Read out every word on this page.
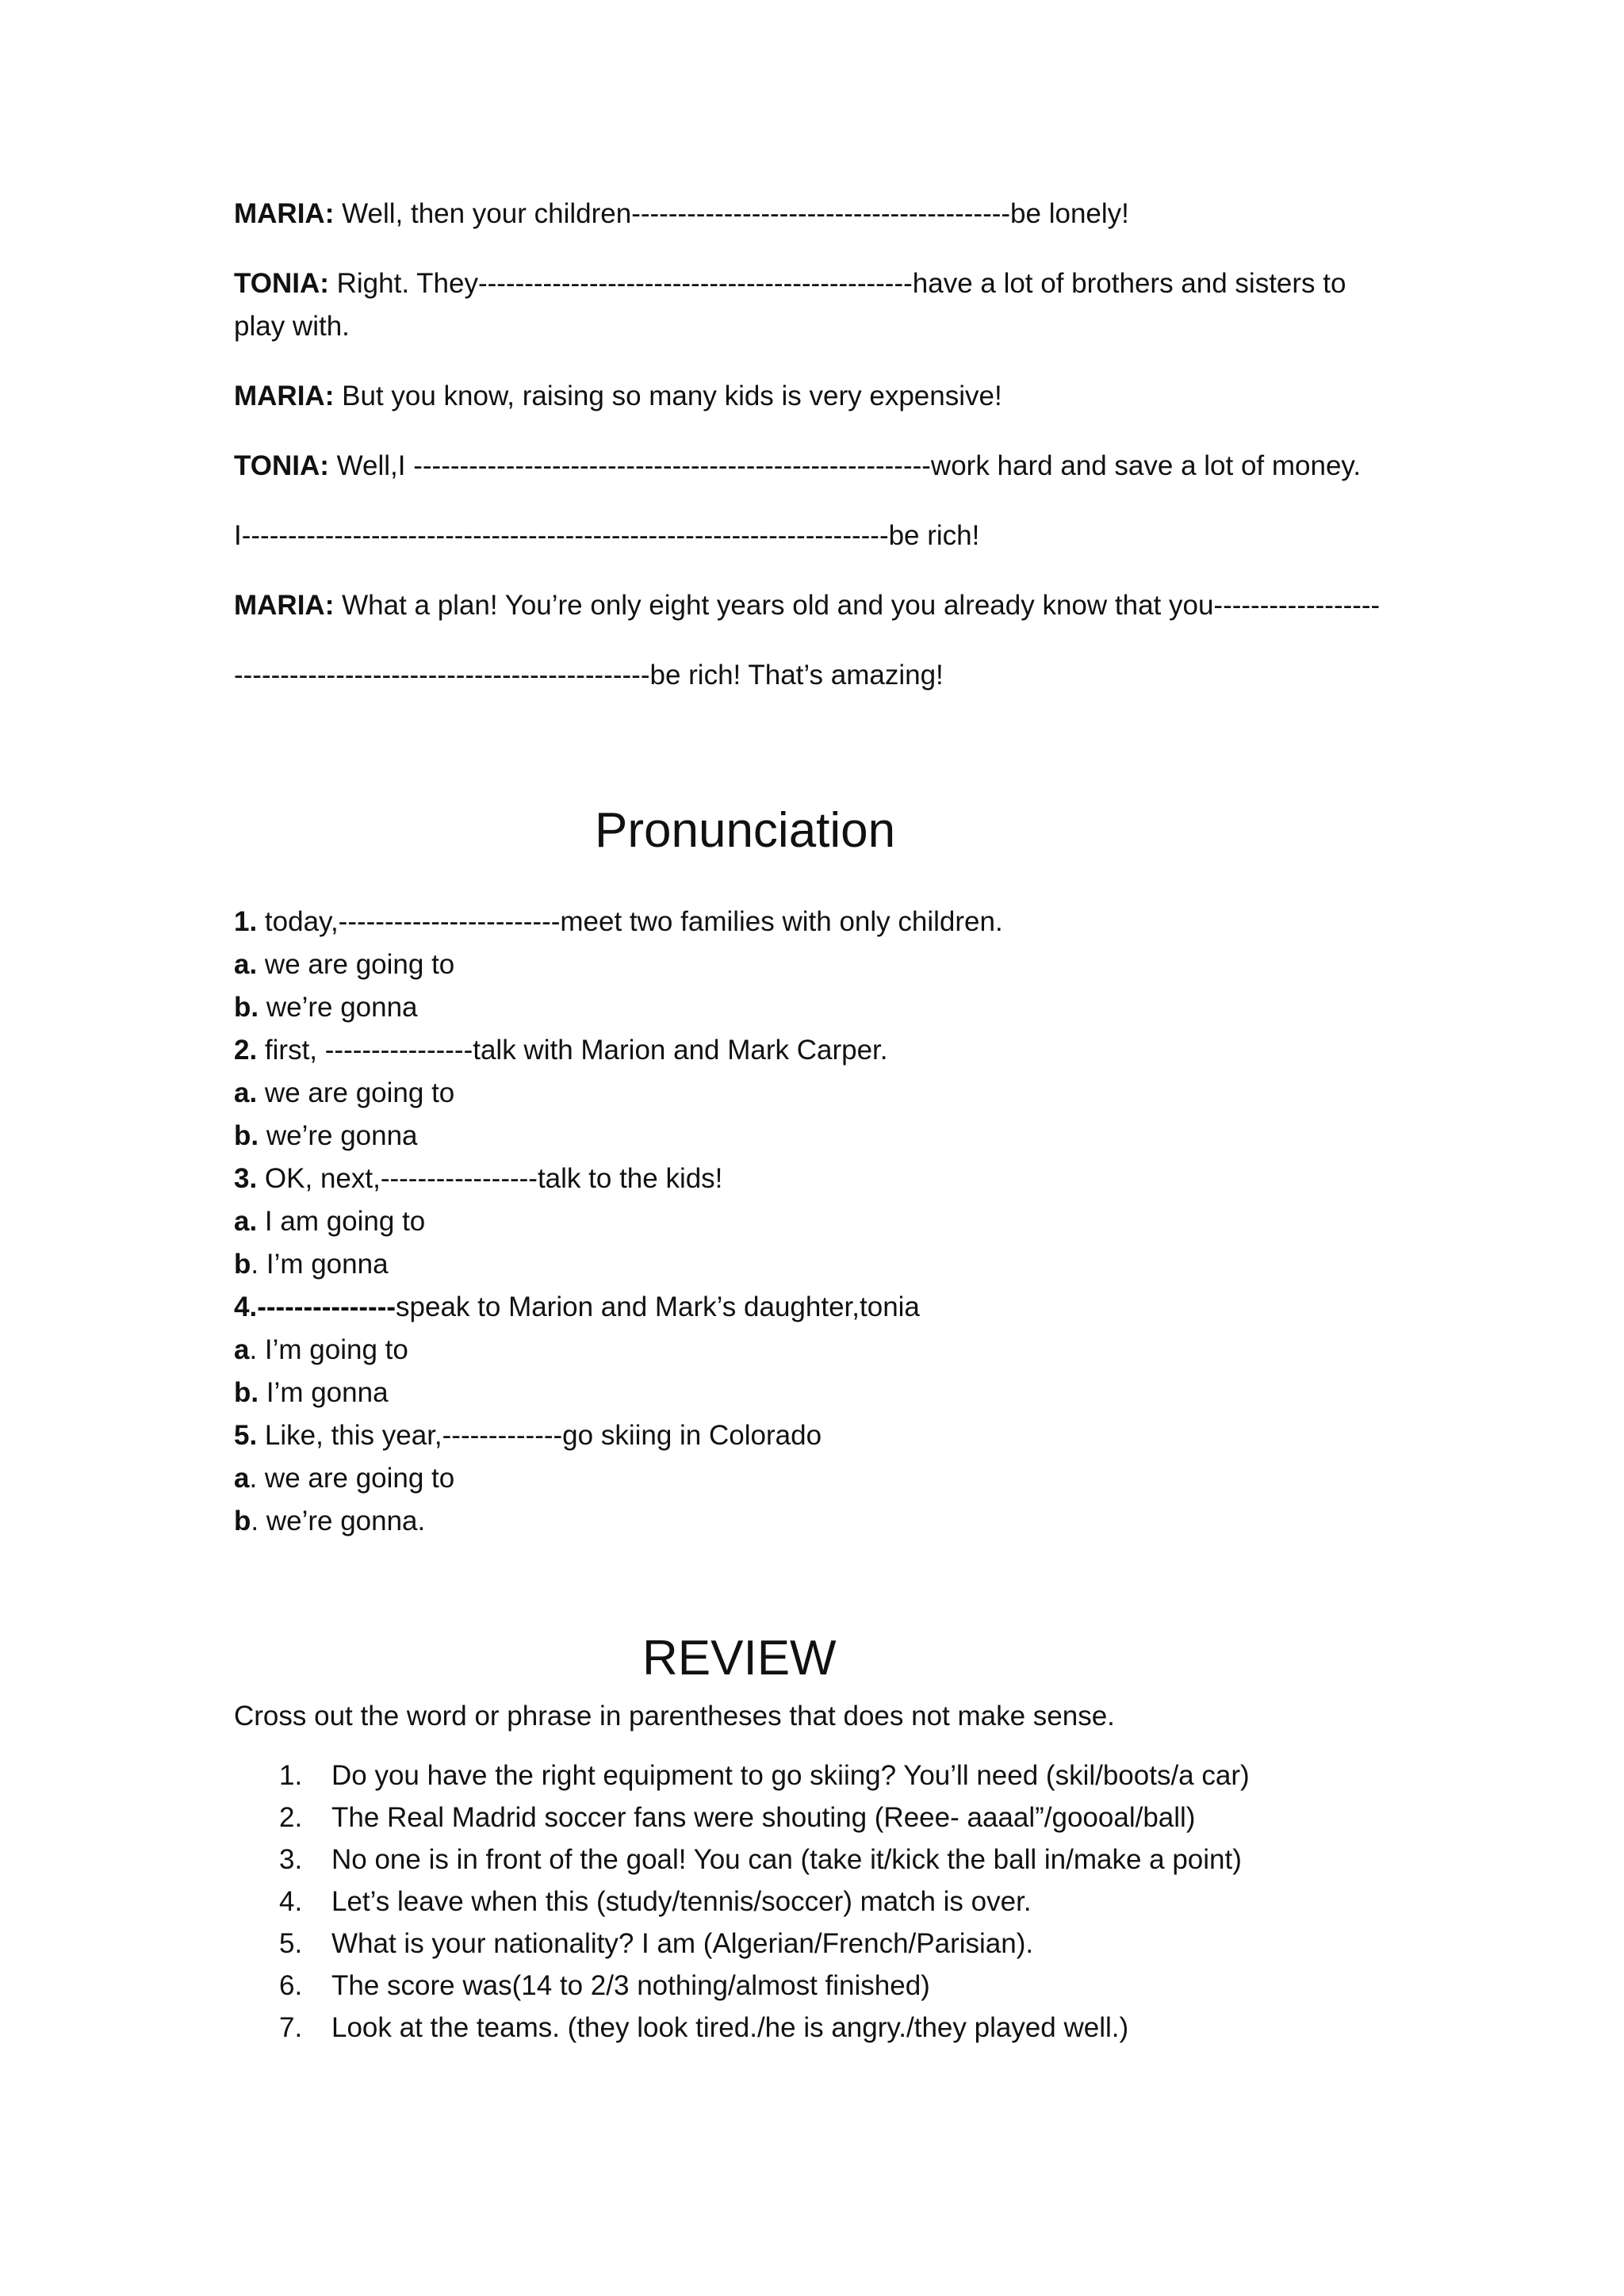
MARIA: Well, then your children-----------------------------------------be lonely!
TONIA: Right. They-----------------------------------------------have a lot of brothers and sisters to play with.
MARIA: But you know, raising so many kids is very expensive!
TONIA: Well,I --------------------------------------------------------work hard and save a lot of money.
I----------------------------------------------------------------------be rich!
MARIA: What a plan! You’re only eight years old and you already know that you------------------
---------------------------------------------be rich! That’s amazing!
Pronunciation
1. today,------------------------meet two families with only children.
a. we are going to
b. we’re gonna
2. first, ----------------talk with Marion and Mark Carper.
a. we are going to
b. we’re gonna
3. OK, next,-----------------talk to the kids!
a. I am going to
b. I’m gonna
4.---------------speak to Marion and Mark’s daughter,tonia
a. I’m going to
b. I’m gonna
5. Like, this year,-------------go skiing in Colorado
a. we are going to
b. we’re gonna.
REVIEW
Cross out the word or phrase in parentheses that does not make sense.
1. Do you have the right equipment to go skiing? You’ll need (skil/boots/a car)
2. The Real Madrid soccer fans were shouting (Reee- aaaal”/goooal/ball)
3. No one is in front of the goal! You can (take it/kick the ball in/make a point)
4. Let’s leave when this (study/tennis/soccer) match is over.
5. What is your nationality? I am (Algerian/French/Parisian).
6. The score was(14 to 2/3 nothing/almost finished)
7. Look at the teams. (they look tired./he is angry./they played well.)
